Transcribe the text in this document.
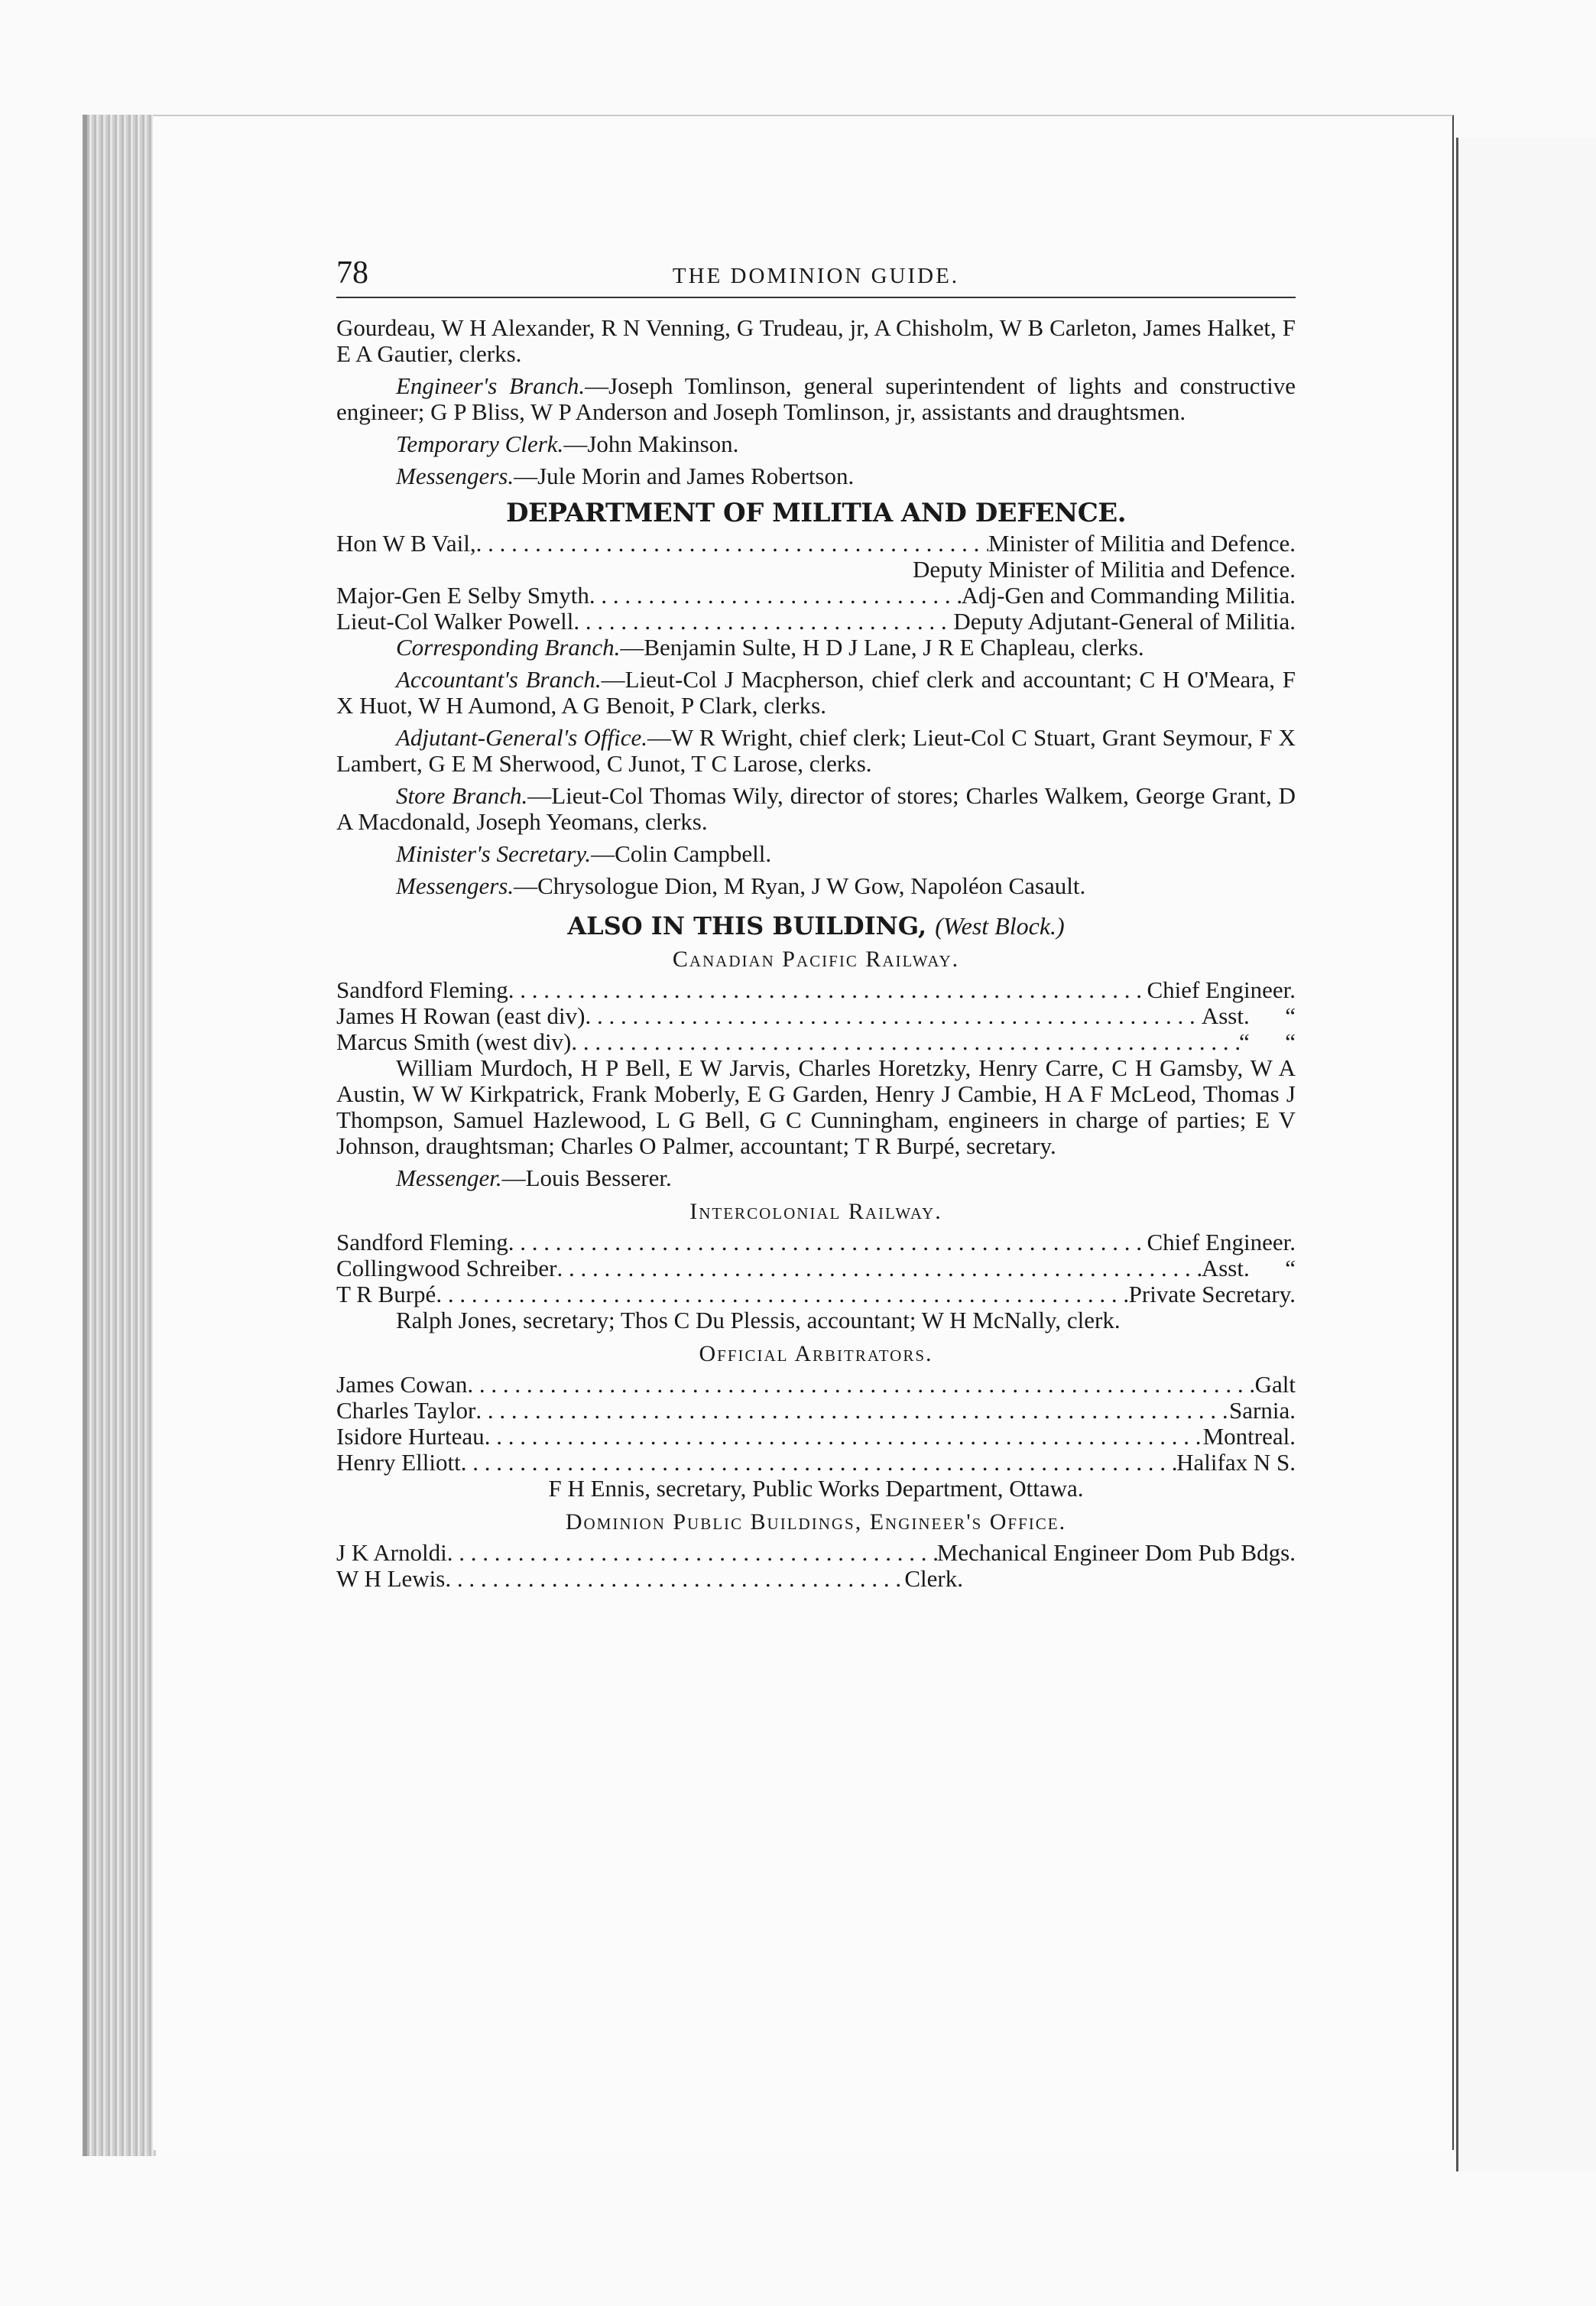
78	THE DOMINION GUIDE.

Gourdeau, W H Alexander, R N Venning, G Trudeau, jr, A Chisholm, W B Carleton, James Halket, F E A Gautier, clerks.

Engineer's Branch.—Joseph Tomlinson, general superintendent of lights and constructive engineer; G P Bliss, W P Anderson and Joseph Tomlinson, jr, assistants and draughtsmen.

Temporary Clerk.—John Makinson.

Messengers.—Jule Morin and James Robertson.

DEPARTMENT OF MILITIA AND DEFENCE.
Hon W B Vail, . . .	Minister of Militia and Defence.
Deputy Minister of Militia and Defence.
Major-Gen E Selby Smyth . . .	Adj-Gen and Commanding Militia.
Lieut-Col Walker Powell . . .	Deputy Adjutant-General of Militia.

Corresponding Branch.—Benjamin Sulte, H D J Lane, J R E Chapleau, clerks.

Accountant's Branch.—Lieut-Col J Macpherson, chief clerk and accountant; C H O'Meara, F X Huot, W H Aumond, A G Benoit, P Clark, clerks.

Adjutant-General's Office.—W R Wright, chief clerk; Lieut-Col C Stuart, Grant Seymour, F X Lambert, G E M Sherwood, C Junot, T C Larose, clerks.

Store Branch.—Lieut-Col Thomas Wily, director of stores; Charles Walkem, George Grant, D A Macdonald, Joseph Yeomans, clerks.

Minister's Secretary.—Colin Campbell.

Messengers.—Chrysologue Dion, M Ryan, J W Gow, Napoléon Casault.

ALSO IN THIS BUILDING, (West Block.)
Canadian Pacific Railway.
Sandford Fleming . . .	Chief Engineer.
James H Rowan (east div) . . .	Asst.      “
Marcus Smith (west div) . . .	“      “

William Murdoch, H P Bell, E W Jarvis, Charles Horetzky, Henry Carre, C H Gamsby, W A Austin, W W Kirkpatrick, Frank Moberly, E G Garden, Henry J Cambie, H A F McLeod, Thomas J Thompson, Samuel Hazlewood, L G Bell, G C Cunningham, engineers in charge of parties; E V Johnson, draughtsman; Charles O Palmer, accountant; T R Burpé, secretary.

Messenger.—Louis Besserer.

Intercolonial Railway.
Sandford Fleming . . .	Chief Engineer.
Collingwood Schreiber . . .	Asst.      “
T R Burpé . . .	Private Secretary.

Ralph Jones, secretary; Thos C Du Plessis, accountant; W H McNally, clerk.

Official Arbitrators.
James Cowan . . .	Galt
Charles Taylor . . .	Sarnia.
Isidore Hurteau . . .	Montreal.
Henry Elliott . . .	Halifax N S.

F H Ennis, secretary, Public Works Department, Ottawa.

Dominion Public Buildings, Engineer's Office.
J K Arnoldi . . .	Mechanical Engineer Dom Pub Bdgs.
W H Lewis . . .	Clerk.
